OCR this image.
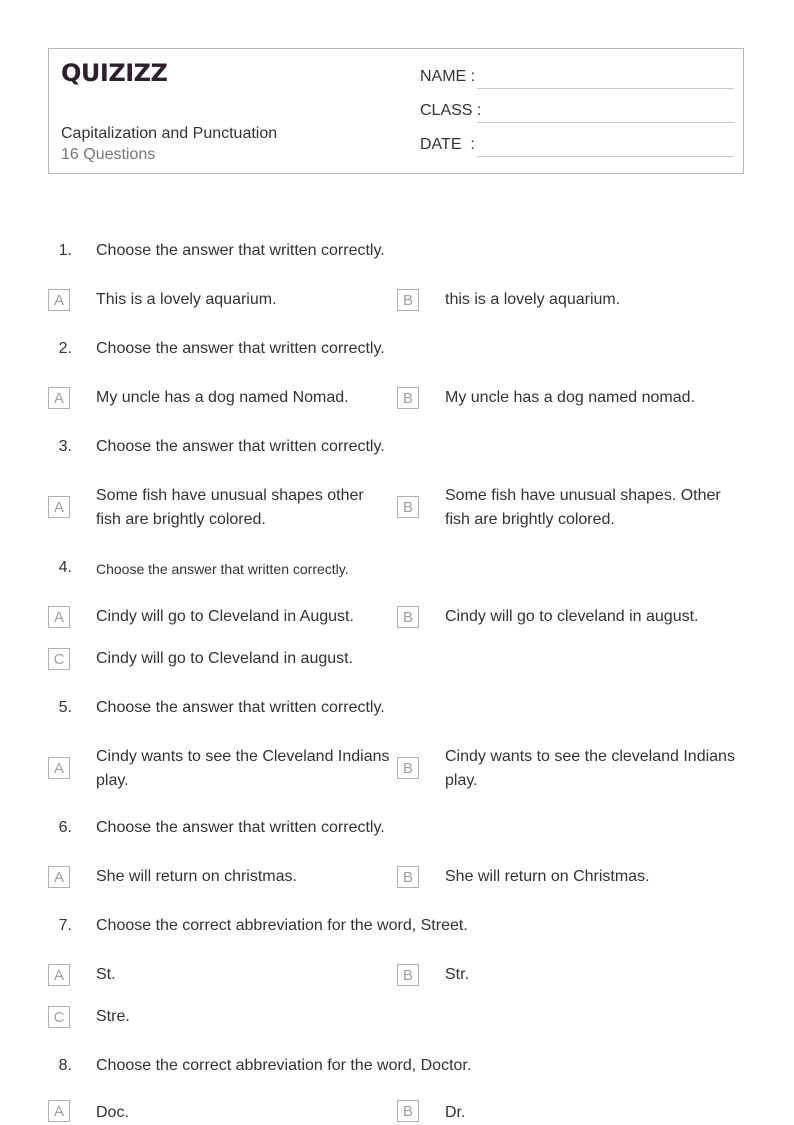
QUIZIZZ
Capitalization and Punctuation
16 Questions
NAME :
CLASS :
DATE  :
1. Choose the answer that written correctly.
A	This is a lovely aquarium.	B	this is a lovely aquarium.
2. Choose the answer that written correctly.
A	My uncle has a dog named Nomad.	B	My uncle has a dog named nomad.
3. Choose the answer that written correctly.
A
Some fish have unusual shapes other fish are brightly colored.
B
Some fish have unusual shapes. Other fish are brightly colored.
4. Choose the answer that written correctly.
A	Cindy will go to Cleveland in August.	B	Cindy will go to cleveland in august.
C	Cindy will go to Cleveland in august.
5. Choose the answer that written correctly.
A
Cindy wants to see the Cleveland Indians play.
B
Cindy wants to see the cleveland Indians play.
6. Choose the answer that written correctly.
A	She will return on christmas.	B	She will return on Christmas.
7. Choose the correct abbreviation for the word, Street.
A	St.	B	Str.
C	Stre.
8. Choose the correct abbreviation for the word, Doctor.
A	Doc.	B	Dr.
